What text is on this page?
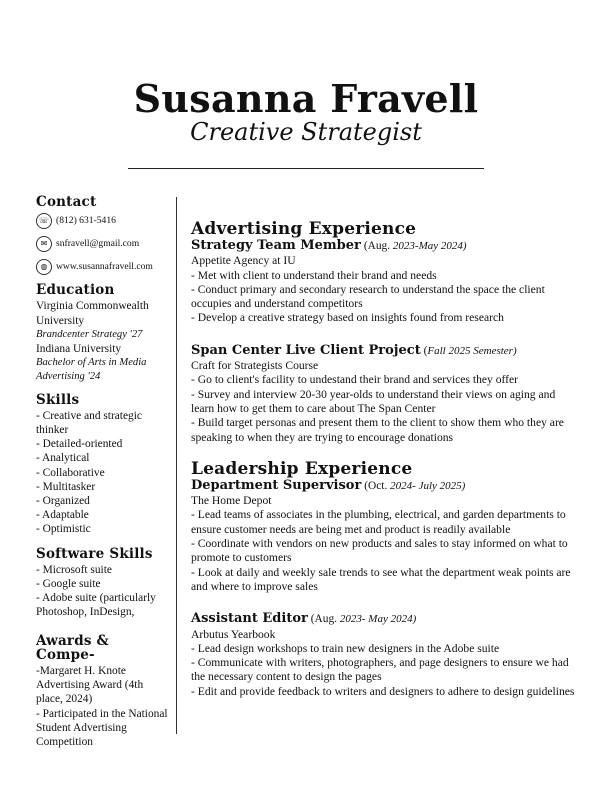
Susanna Fravell
Creative Strategist
Contact
☏ (812) 631-5416
✉ snfravell@gmail.com
◍ www.susannafravell.com
Education
Virginia Commonwealth University
Brandcenter Strategy '27
Indiana University
Bachelor of Arts in Media Advertising '24
Skills
- Creative and strategic thinker
- Detailed-oriented
- Analytical
- Collaborative
- Multitasker
- Organized
- Adaptable
- Optimistic
Software Skills
- Microsoft suite
- Google suite
- Adobe suite (particularly Photoshop, InDesign,
Awards & Compe-
-Margaret H. Knote Advertising Award (4th place, 2024)
- Participated in the National Student Advertising Competition
Advertising Experience
Strategy Team Member (Aug. 2023-May 2024)
Appetite Agency at IU
- Met with client to understand their brand and needs
- Conduct primary and secondary research to understand the space the client occupies and understand competitors
- Develop a creative strategy based on insights found from research
Span Center Live Client Project (Fall 2025 Semester)
Craft for Strategists Course
- Go to client's facility to undestand their brand and services they offer
- Survey and interview 20-30 year-olds to understand their views on aging and learn how to get them to care about The Span Center
- Build target personas and present them to the client to show them who they are speaking to when they are trying to encourage donations
Leadership Experience
Department Supervisor (Oct. 2024- July 2025)
The Home Depot
- Lead teams of associates in the plumbing, electrical, and garden departments to ensure customer needs are being met and product is readily available
- Coordinate with vendors on new products and sales to stay informed on what to promote to customers
- Look at daily and weekly sale trends to see what the department weak points are and where to improve sales
Assistant Editor (Aug. 2023- May 2024)
Arbutus Yearbook
- Lead design workshops to train new designers in the Adobe suite
- Communicate with writers, photographers, and page designers to ensure we had the necessary content to design the pages
- Edit and provide feedback to writers and designers to adhere to design guidelines
